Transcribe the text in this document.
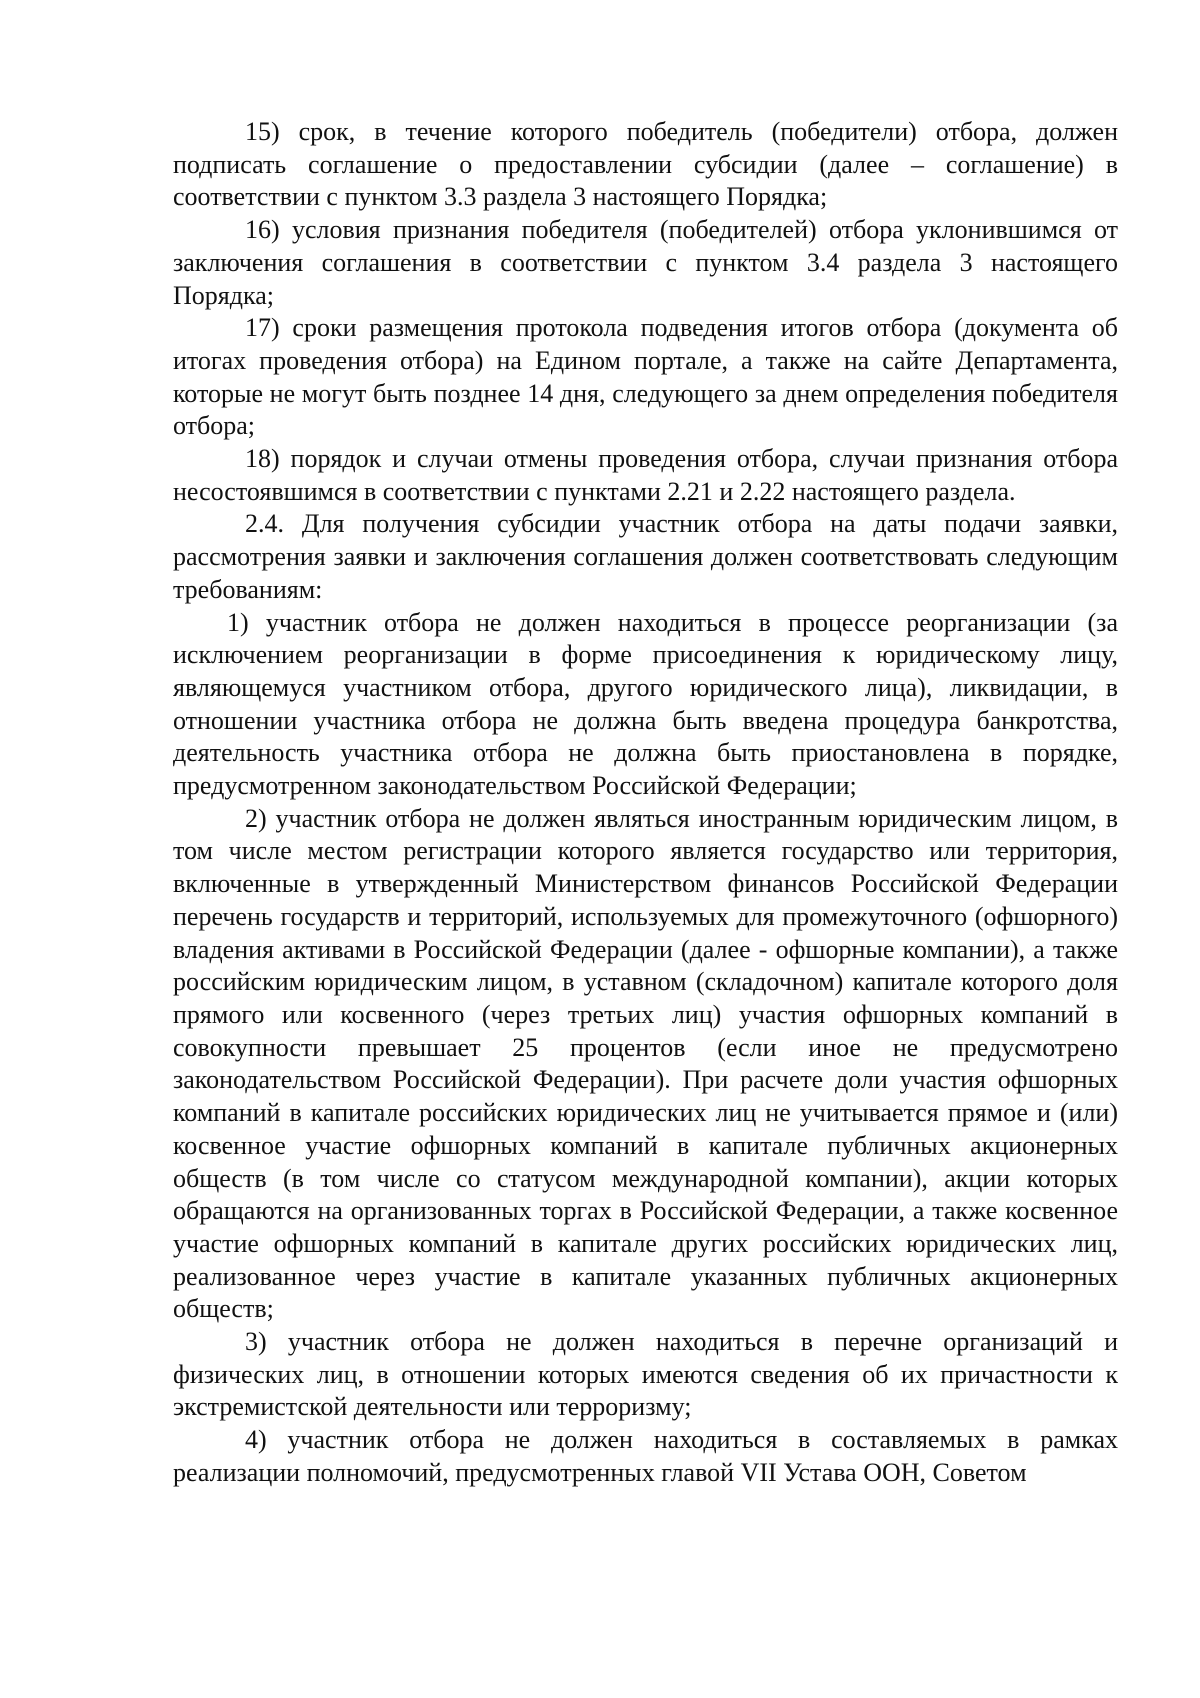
15) срок, в течение которого победитель (победители) отбора, должен подписать соглашение о предоставлении субсидии (далее – соглашение) в соответствии с пунктом 3.3 раздела 3 настоящего Порядка;

16) условия признания победителя (победителей) отбора уклонившимся от заключения соглашения в соответствии с пунктом 3.4 раздела 3 настоящего Порядка;

17) сроки размещения протокола подведения итогов отбора (документа об итогах проведения отбора) на Едином портале, а также на сайте Департамента, которые не могут быть позднее 14 дня, следующего за днем определения победителя отбора;

18) порядок и случаи отмены проведения отбора, случаи признания отбора несостоявшимся в соответствии с пунктами 2.21 и 2.22 настоящего раздела.

2.4. Для получения субсидии участник отбора на даты подачи заявки, рассмотрения заявки и заключения соглашения должен соответствовать следующим требованиям:

1) участник отбора не должен находиться в процессе реорганизации (за исключением реорганизации в форме присоединения к юридическому лицу, являющемуся участником отбора, другого юридического лица), ликвидации, в отношении участника отбора не должна быть введена процедура банкротства, деятельность участника отбора не должна быть приостановлена в порядке, предусмотренном законодательством Российской Федерации;

2) участник отбора не должен являться иностранным юридическим лицом, в том числе местом регистрации которого является государство или территория, включенные в утвержденный Министерством финансов Российской Федерации перечень государств и территорий, используемых для промежуточного (офшорного) владения активами в Российской Федерации (далее - офшорные компании), а также российским юридическим лицом, в уставном (складочном) капитале которого доля прямого или косвенного (через третьих лиц) участия офшорных компаний в совокупности превышает 25 процентов (если иное не предусмотрено законодательством Российской Федерации). При расчете доли участия офшорных компаний в капитале российских юридических лиц не учитывается прямое и (или) косвенное участие офшорных компаний в капитале публичных акционерных обществ (в том числе со статусом международной компании), акции которых обращаются на организованных торгах в Российской Федерации, а также косвенное участие офшорных компаний в капитале других российских юридических лиц, реализованное через участие в капитале указанных публичных акционерных обществ;

3) участник отбора не должен находиться в перечне организаций и физических лиц, в отношении которых имеются сведения об их причастности к экстремистской деятельности или терроризму;

4) участник отбора не должен находиться в составляемых в рамках реализации полномочий, предусмотренных главой VII Устава ООН, Советом
